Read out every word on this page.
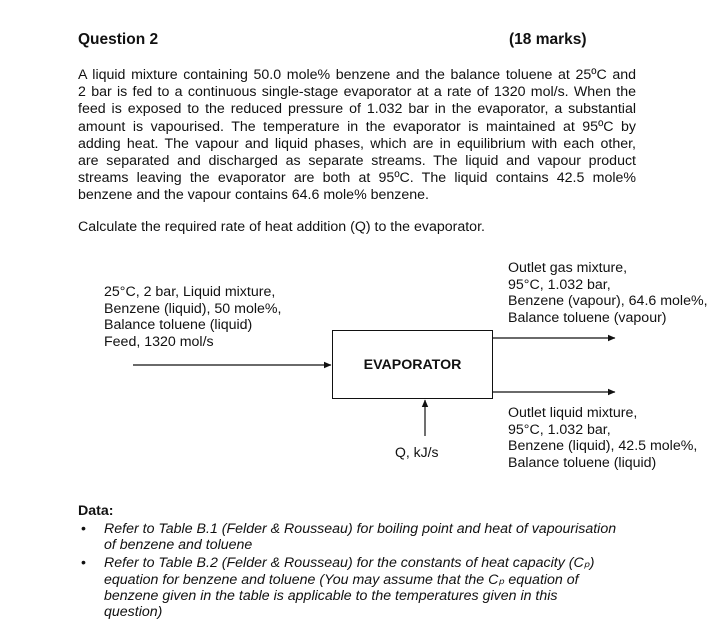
Question 2	(18 marks)
A liquid mixture containing 50.0 mole% benzene and the balance toluene at 25ºC and
2 bar is fed to a continuous single-stage evaporator at a rate of 1320 mol/s. When the
feed is exposed to the reduced pressure of 1.032 bar in the evaporator, a substantial
amount is vapourised. The temperature in the evaporator is maintained at 95ºC by
adding heat. The vapour and liquid phases, which are in equilibrium with each other,
are separated and discharged as separate streams. The liquid and vapour product
streams leaving the evaporator are both at 95ºC. The liquid contains 42.5 mole%
benzene and the vapour contains 64.6 mole% benzene.
Calculate the required rate of heat addition (Q) to the evaporator.
25°C, 2 bar, Liquid mixture,
Benzene (liquid), 50 mole%,
Balance toluene (liquid)
Feed, 1320 mol/s
EVAPORATOR
Outlet gas mixture,
95°C, 1.032 bar,
Benzene (vapour), 64.6 mole%,
Balance toluene (vapour)
Outlet liquid mixture,
95°C, 1.032 bar,
Benzene (liquid), 42.5 mole%,
Balance toluene (liquid)
Q, kJ/s
Data:
• Refer to Table B.1 (Felder & Rousseau) for boiling point and heat of vapourisation
of benzene and toluene
• Refer to Table B.2 (Felder & Rousseau) for the constants of heat capacity (Cₚ)
equation for benzene and toluene (You may assume that the Cₚ equation of
benzene given in the table is applicable to the temperatures given in this
question)
